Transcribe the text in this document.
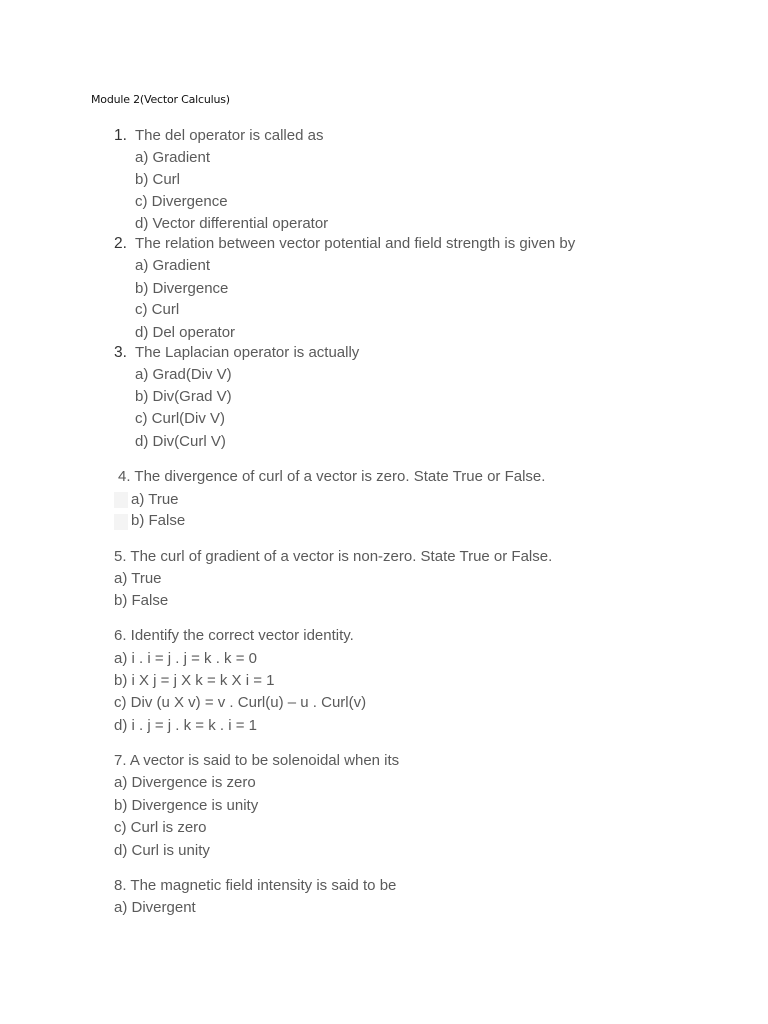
Module 2(Vector Calculus)
1. The del operator is called as
a) Gradient
b) Curl
c) Divergence
d) Vector differential operator
2. The relation between vector potential and field strength is given by
a) Gradient
b) Divergence
c) Curl
d) Del operator
3. The Laplacian operator is actually
a) Grad(Div V)
b) Div(Grad V)
c) Curl(Div V)
d) Div(Curl V)
4. The divergence of curl of a vector is zero. State True or False.
a) True
b) False
5. The curl of gradient of a vector is non-zero. State True or False.
a) True
b) False
6. Identify the correct vector identity.
a) i . i = j . j = k . k = 0
b) i X j = j X k = k X i = 1
c) Div (u X v) = v . Curl(u) – u . Curl(v)
d) i . j = j . k = k . i = 1
7. A vector is said to be solenoidal when its
a) Divergence is zero
b) Divergence is unity
c) Curl is zero
d) Curl is unity
8. The magnetic field intensity is said to be
a) Divergent
